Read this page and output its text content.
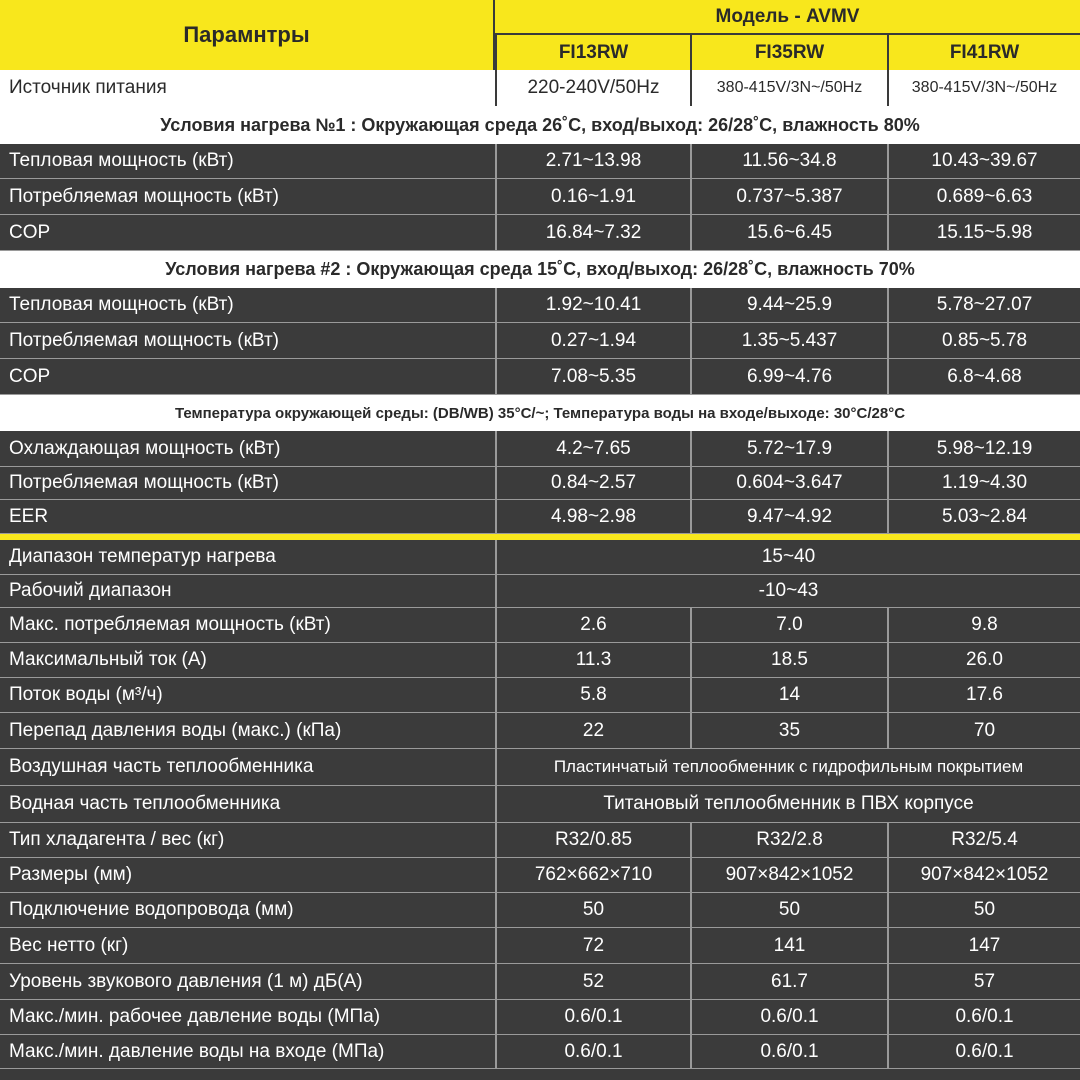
Парамнтры
Модель - AVMV
FI13RW	FI35RW	FI41RW
Источник питания	220-240V/50Hz	380-415V/3N~/50Hz	380-415V/3N~/50Hz
Условия нагрева №1 : Окружающая среда 26˚C, вход/выход: 26/28˚C, влажность 80%
Тепловая мощность (кВт)	2.71~13.98	11.56~34.8	10.43~39.67
Потребляемая мощность (кВт)	0.16~1.91	0.737~5.387	0.689~6.63
COP	16.84~7.32	15.6~6.45	15.15~5.98
Условия нагрева #2 : Окружающая среда 15˚C, вход/выход: 26/28˚C, влажность 70%
Тепловая мощность (кВт)	1.92~10.41	9.44~25.9	5.78~27.07
Потребляемая мощность (кВт)	0.27~1.94	1.35~5.437	0.85~5.78
COP	7.08~5.35	6.99~4.76	6.8~4.68
Температура окружающей среды: (DB/WB) 35°C/~; Температура воды на входе/выходе: 30°C/28°C
Охлаждающая мощность (кВт)	4.2~7.65	5.72~17.9	5.98~12.19
Потребляемая мощность (кВт)	0.84~2.57	0.604~3.647	1.19~4.30
EER	4.98~2.98	9.47~4.92	5.03~2.84
Диапазон температур нагрева	15~40
Рабочий диапазон	-10~43
Макс. потребляемая мощность (кВт)	2.6	7.0	9.8
Максимальный ток (А)	11.3	18.5	26.0
Поток воды (м³/ч)	5.8	14	17.6
Перепад давления воды (макс.) (кПа)	22	35	70
Воздушная часть теплообменника	Пластинчатый теплообменник с гидрофильным покрытием
Водная часть теплообменника	Титановый теплообменник в ПВХ корпусе
Тип хладагента / вес (кг)	R32/0.85	R32/2.8	R32/5.4
Размеры (мм)	762×662×710	907×842×1052	907×842×1052
Подключение водопровода (мм)	50	50	50
Вес нетто (кг)	72	141	147
Уровень звукового давления (1 м) дБ(А)	52	61.7	57
Макс./мин. рабочее давление воды (МПа)	0.6/0.1	0.6/0.1	0.6/0.1
Макс./мин. давление воды на входе (МПа)	0.6/0.1	0.6/0.1	0.6/0.1
